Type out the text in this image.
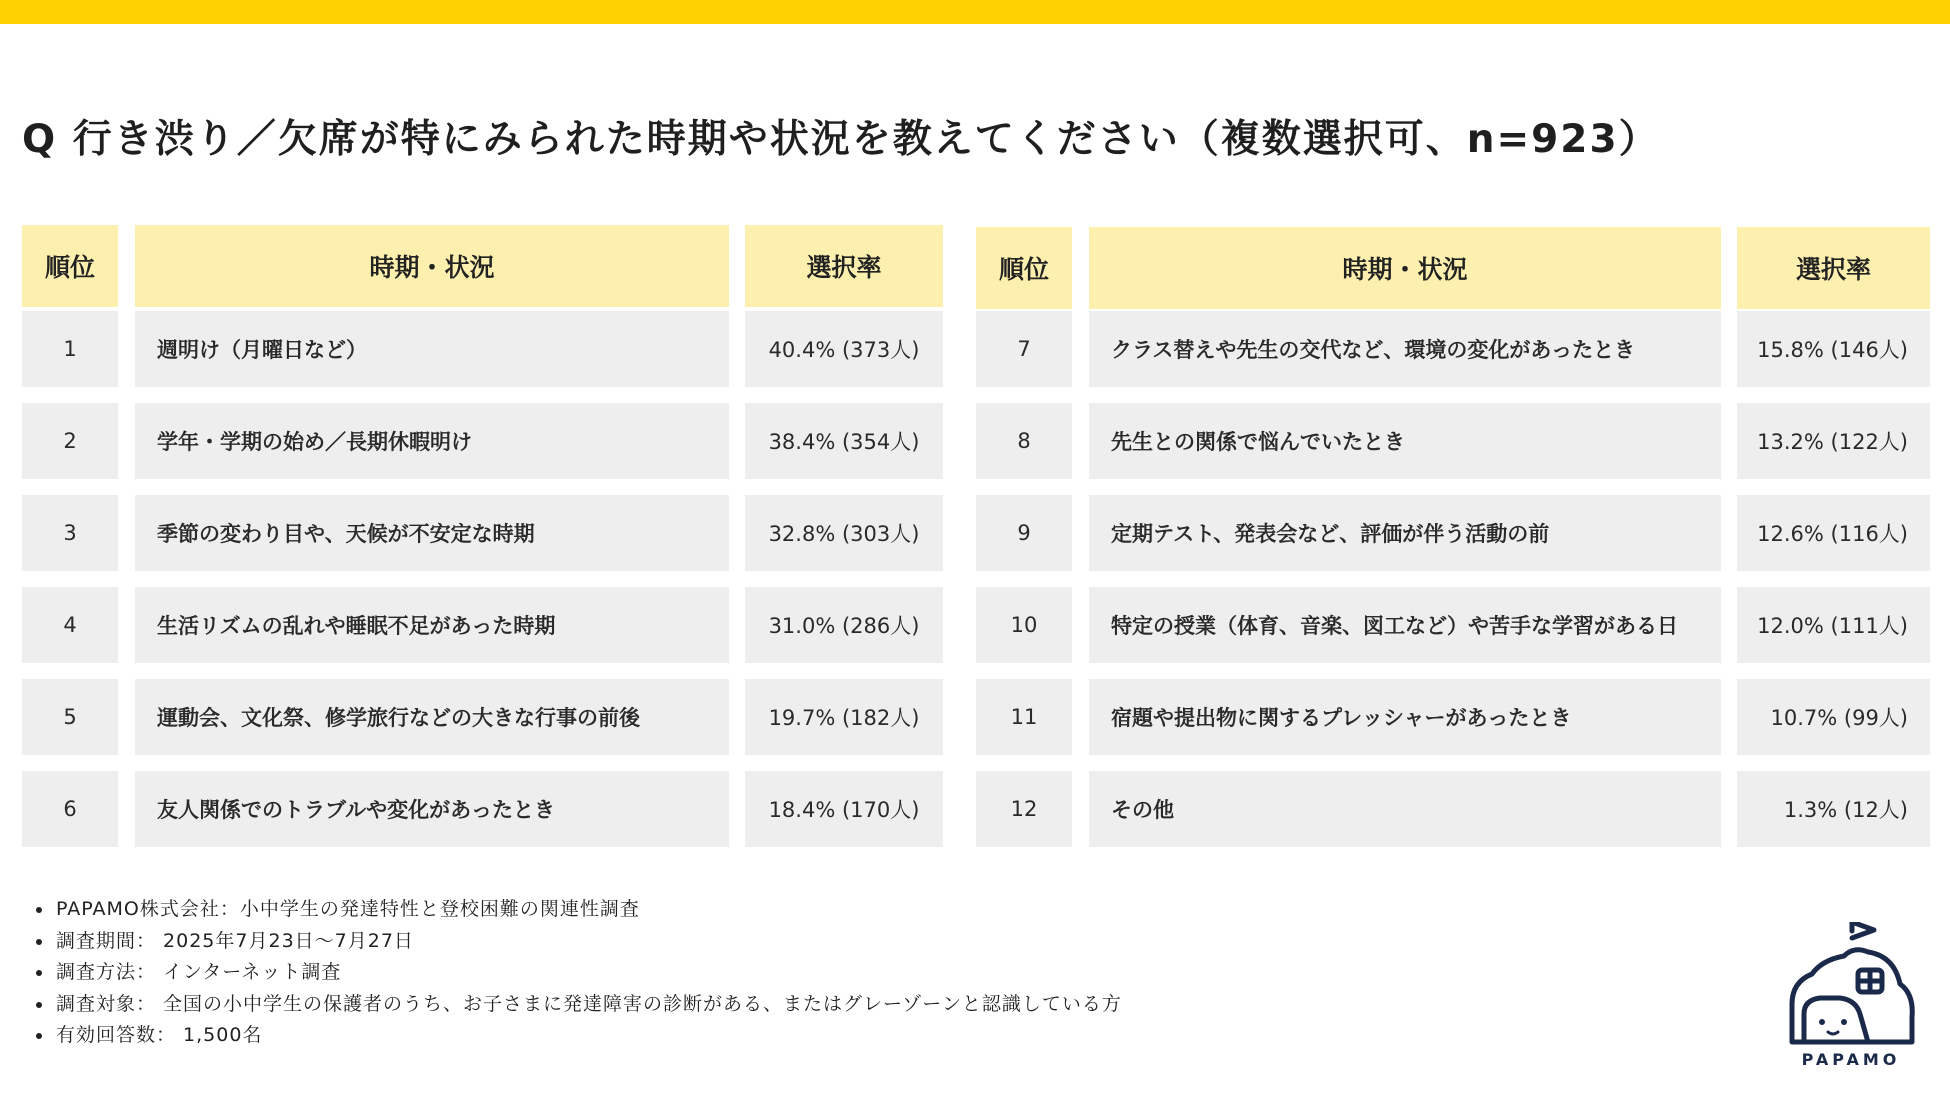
Q 行き渋り／欠席が特にみられた時期や状況を教えてください（複数選択可、n=923）
順位	時期・状況	選択率	順位	時期・状況	選択率
1	週明け（月曜日など）	40.4% (373人)
2	学年・学期の始め／長期休暇明け	38.4% (354人)
3	季節の変わり目や、天候が不安定な時期	32.8% (303人)
4	生活リズムの乱れや睡眠不足があった時期	31.0% (286人)
5	運動会、文化祭、修学旅行などの大きな行事の前後	19.7% (182人)
6	友人関係でのトラブルや変化があったとき	18.4% (170人)
7	クラス替えや先生の交代など、環境の変化があったとき	15.8% (146人)
8	先生との関係で悩んでいたとき	13.2% (122人)
9	定期テスト、発表会など、評価が伴う活動の前	12.6% (116人)
10	特定の授業（体育、音楽、図工など）や苦手な学習がある日	12.0% (111人)
11	宿題や提出物に関するプレッシャーがあったとき	10.7% (99人)
12	その他	1.3% (12人)
PAPAMO株式会社：小中学生の発達特性と登校困難の関連性調査
調査期間： 2025年7月23日～7月27日
調査方法： インターネット調査
調査対象： 全国の小中学生の保護者のうち、お子さまに発達障害の診断がある、またはグレーゾーンと認識している方
有効回答数： 1,500名
PAPAMO
